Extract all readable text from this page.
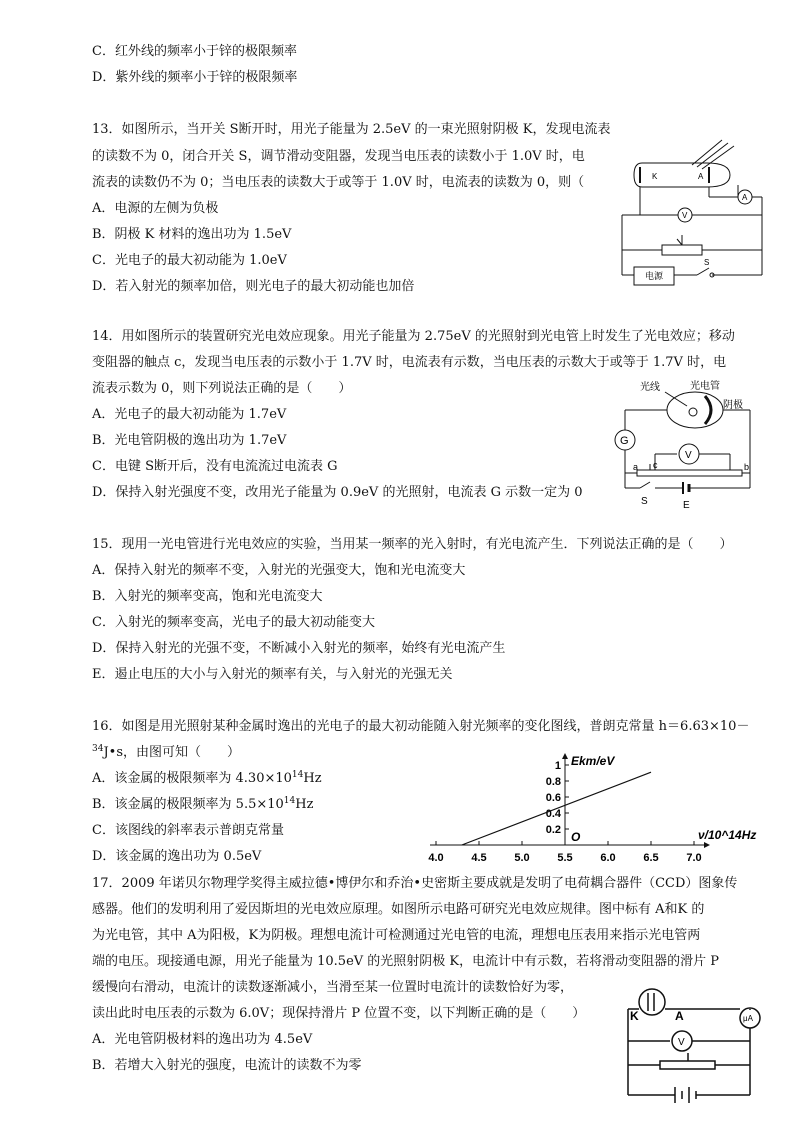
C．红外线的频率小于锌的极限频率
D．紫外线的频率小于锌的极限频率
13．如图所示，当开关 S断开时，用光子能量为 2.5eV 的一束光照射阴极 K，发现电流表
的读数不为 0，闭合开关 S，调节滑动变阻器，发现当电压表的读数小于 1.0V 时，电
流表的读数仍不为 0；当电压表的读数大于或等于 1.0V 时，电流表的读数为 0，则（
A．电源的左侧为负极
B．阴极 K 材料的逸出功为 1.5eV
C．光电子的最大初动能为 1.0eV
D．若入射光的频率加倍，则光电子的最大初动能也加倍
K	A
A
V
电源
S
14．用如图所示的装置研究光电效应现象。用光子能量为 2.75eV 的光照射到光电管上时发生了光电效应；移动
变阻器的触点 c，发现当电压表的示数小于 1.7V 时，电流表有示数，当电压表的示数大于或等于 1.7V 时，电
流表示数为 0，则下列说法正确的是（　　）
A．光电子的最大初动能为 1.7eV
B．光电管阴极的逸出功为 1.7eV
C．电键 S断开后，没有电流流过电流表 G
D．保持入射光强度不变，改用光子能量为 0.9eV 的光照射，电流表 G 示数一定为 0
光线	光电管
阴极
G
V
a c	b
S	E
15．现用一光电管进行光电效应的实验，当用某一频率的光入射时，有光电流产生．下列说法正确的是（　　）
A．保持入射光的频率不变，入射光的光强变大，饱和光电流变大
B．入射光的频率变高，饱和光电流变大
C．入射光的频率变高，光电子的最大初动能变大
D．保持入射光的光强不变，不断减小入射光的频率，始终有光电流产生
E．遏止电压的大小与入射光的频率有关，与入射光的光强无关
16．如图是用光照射某种金属时逸出的光电子的最大初动能随入射光频率的变化图线，普朗克常量 h＝6.63×10－
$^{34}$J•s，由图可知（　　）
A．该金属的极限频率为 $4.30\times 10^{14}Hz$
B．该金属的极限频率为 $5.5\times 10^{14}Hz$
C．该图线的斜率表示普朗克常量
D．该金属的逸出功为 0.5eV	4.0	4.5	5.0	5.5	6.0	6.5	7.0
0.2
0.4
0.6
0.8
1
O
Ekm/eV
ν/10^14Hz
17．2009 年诺贝尔物理学奖得主威拉德•博伊尔和乔治•史密斯主要成就是发明了电荷耦合器件（CCD）图象传
感器。他们的发明利用了爱因斯坦的光电效应原理。如图所示电路可研究光电效应规律。图中标有 A和K 的
为光电管，其中 A为阳极，K为阴极。理想电流计可检测通过光电管的电流，理想电压表用来指示光电管两
端的电压。现接通电源，用光子能量为 10.5eV 的光照射阴极 K，电流计中有示数，若将滑动变阻器的滑片 P
缓慢向右滑动，电流计的读数逐渐减小，当滑至某一位置时电流计的读数恰好为零，
读出此时电压表的示数为 6.0V；现保持滑片 P 位置不变，以下判断正确的是（　　）
A．光电管阴极材料的逸出功为 4.5eV
B．若增大入射光的强度，电流计的读数不为零
K	A	μA
V
